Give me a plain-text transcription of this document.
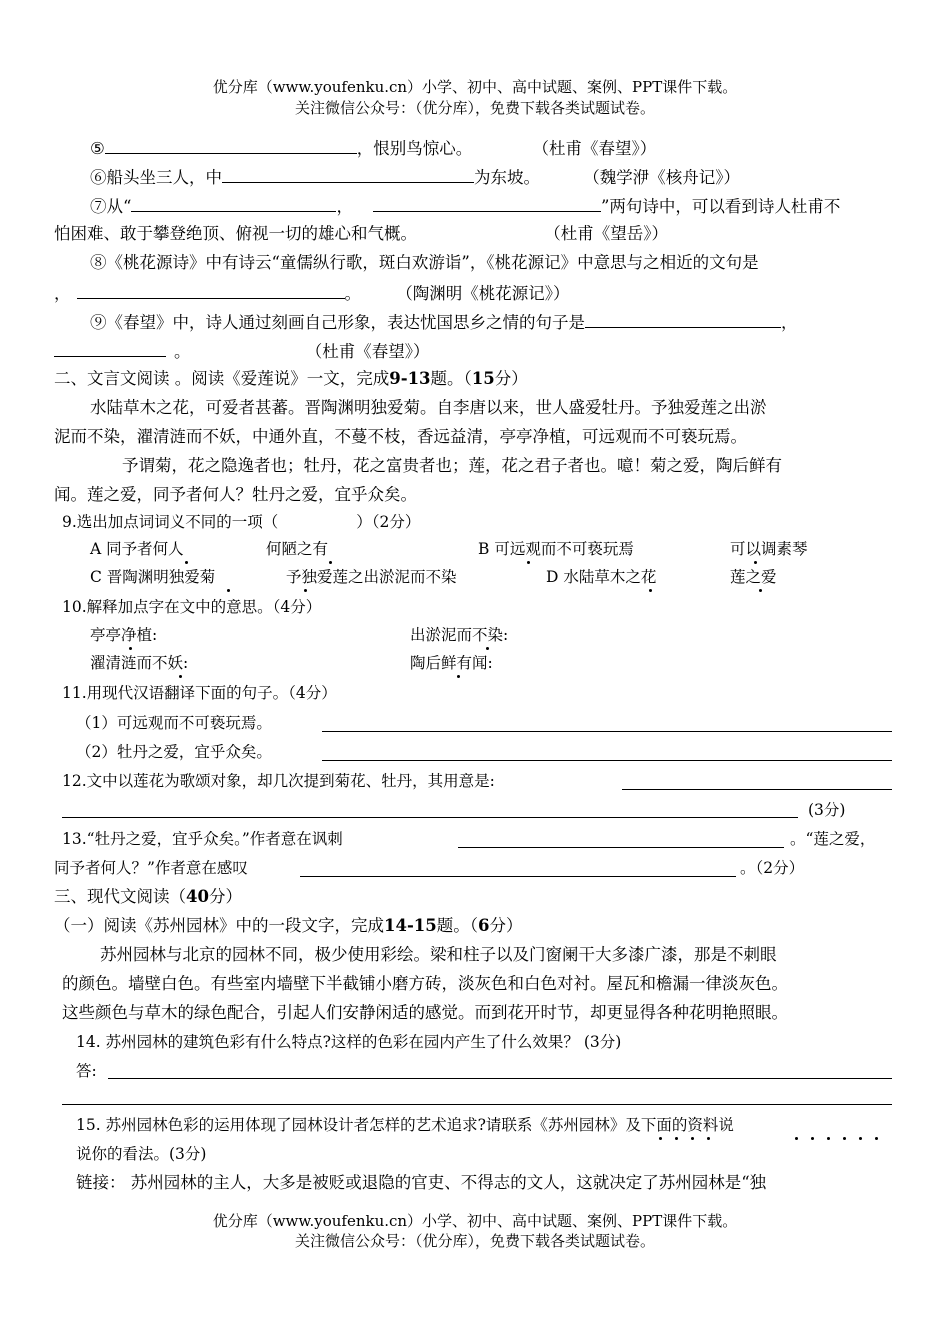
优分库（www.youfenku.cn）小学、初中、高中试题、案例、PPT课件下载。
关注微信公众号：（优分库），免费下载各类试题试卷。
⑤	，恨别鸟惊心。	（杜甫《春望》）
⑥船头坐三人，中	为东坡。	（魏学洢《核舟记》）
⑦从“	，	”两句诗中，可以看到诗人杜甫不
怕困难、敢于攀登绝顶、俯视一切的雄心和气概。	（杜甫《望岳》）
⑧《桃花源诗》中有诗云“童儒纵行歌，斑白欢游诣”，《桃花源记》中意思与之相近的文句是
，	。 （陶渊明《桃花源记》）
⑨《春望》中，诗人通过刻画自己形象，表达忧国思乡之情的句子是	，
。	（杜甫《春望》）
二、文言文阅读 。阅读《爱莲说》一文，完成9-13题。（15分）
水陆草木之花，可爱者甚蕃。晋陶渊明独爱菊。自李唐以来，世人盛爱牡丹。予独爱莲之出淤
泥而不染，濯清涟而不妖，中通外直，不蔓不枝，香远益清，亭亭净植，可远观而不可亵玩焉。
予谓菊，花之隐逸者也；牡丹，花之富贵者也；莲，花之君子者也。噫！菊之爱，陶后鲜有
闻。莲之爱，同予者何人？牡丹之爱，宜乎众矣。
9.选出加点词词义不同的一项（	）（2分）
A 同予者何人	何陋之有	B 可远观而不可亵玩焉	可以调素琴
C 晋陶渊明独爱菊	予独爱莲之出淤泥而不染	D 水陆草木之花	莲之爱
10.解释加点字在文中的意思。（4分）
亭亭净植:	出淤泥而不染:
濯清涟而不妖:	陶后鲜有闻:
11.用现代汉语翻译下面的句子。（4分）
（1）可远观而不可亵玩焉。
（2）牡丹之爱，宜乎众矣。
12.文中以莲花为歌颂对象，却几次提到菊花、牡丹，其用意是:
(3分)
13.“牡丹之爱，宜乎众矣。”作者意在讽刺	。“莲之爱，
同予者何人？”作者意在感叹	。（2分）
三、现代文阅读（40分）
（一）阅读《苏州园林》中的一段文字，完成14-15题。（6分）
苏州园林与北京的园林不同，极少使用彩绘。梁和柱子以及门窗阑干大多漆广漆，那是不刺眼
的颜色。墙壁白色。有些室内墙壁下半截铺小磨方砖，淡灰色和白色对衬。屋瓦和檐漏一律淡灰色。
这些颜色与草木的绿色配合，引起人们安静闲适的感觉。而到花开时节，却更显得各种花明艳照眼。
14. 苏州园林的建筑色彩有什么特点?这样的色彩在园内产生了什么效果？ (3分)
答:
15. 苏州园林色彩的运用体现了园林设计者怎样的艺术追求?请联系《苏州园林》及下面的资料说
说你的看法。(3分)
链接： 苏州园林的主人，大多是被贬或退隐的官吏、不得志的文人，这就决定了苏州园林是“独
优分库（www.youfenku.cn）小学、初中、高中试题、案例、PPT课件下载。
关注微信公众号：（优分库），免费下载各类试题试卷。
